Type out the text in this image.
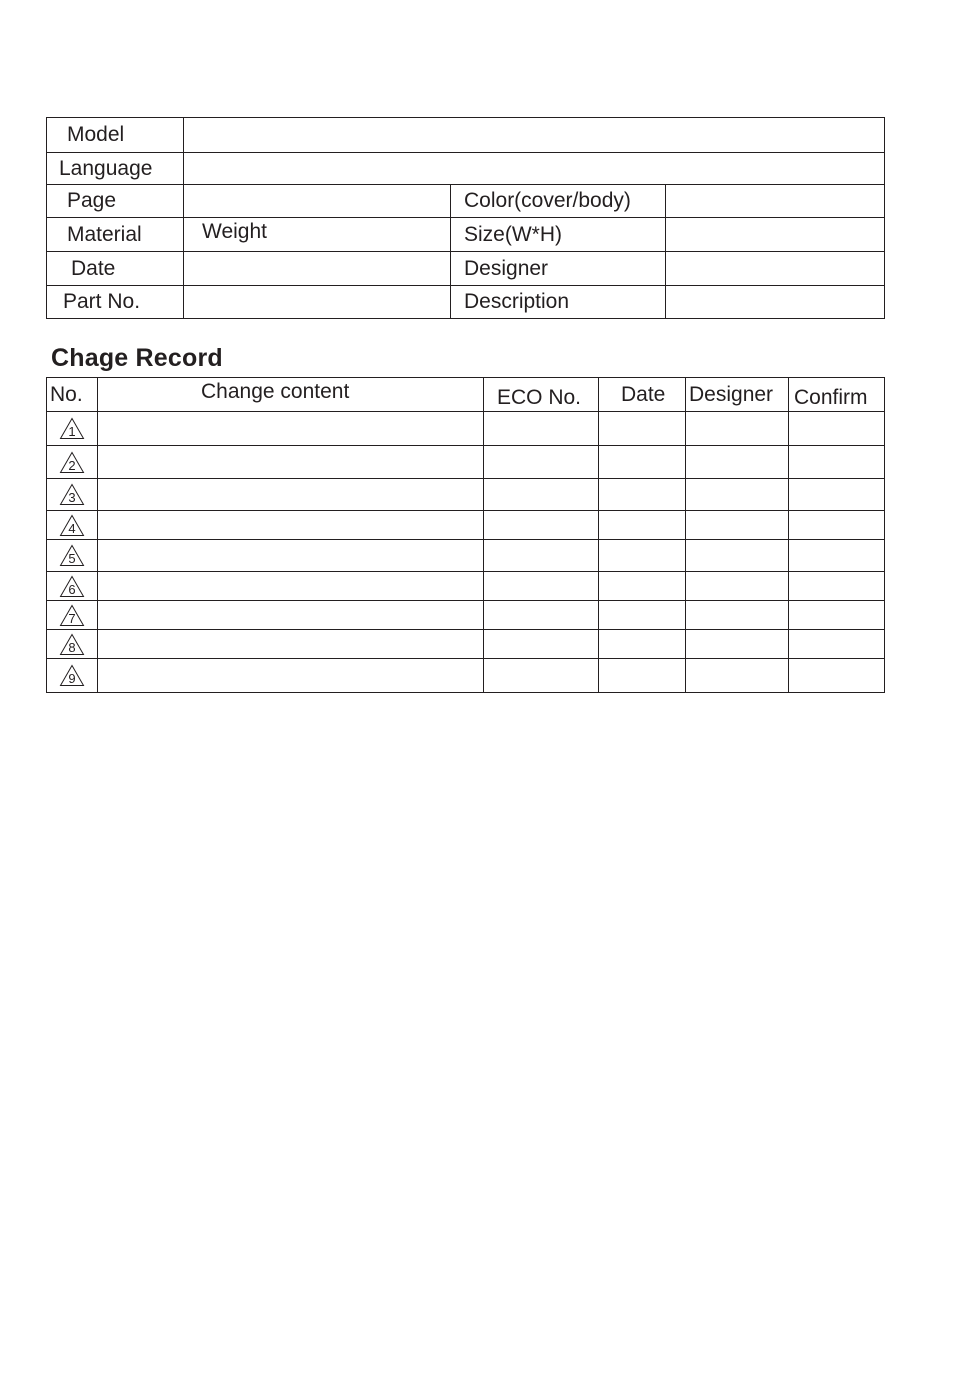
Model			
Language			
Page		Color(cover/body)	
Material	Weight	Size(W*H)	
Date		Designer	
Part No.		Description	
Chage Record
No.	Change content	ECO No.	Date	Designer	Confirm

1					

2					

3					

4					

5					

6					

7					

8					

9					
